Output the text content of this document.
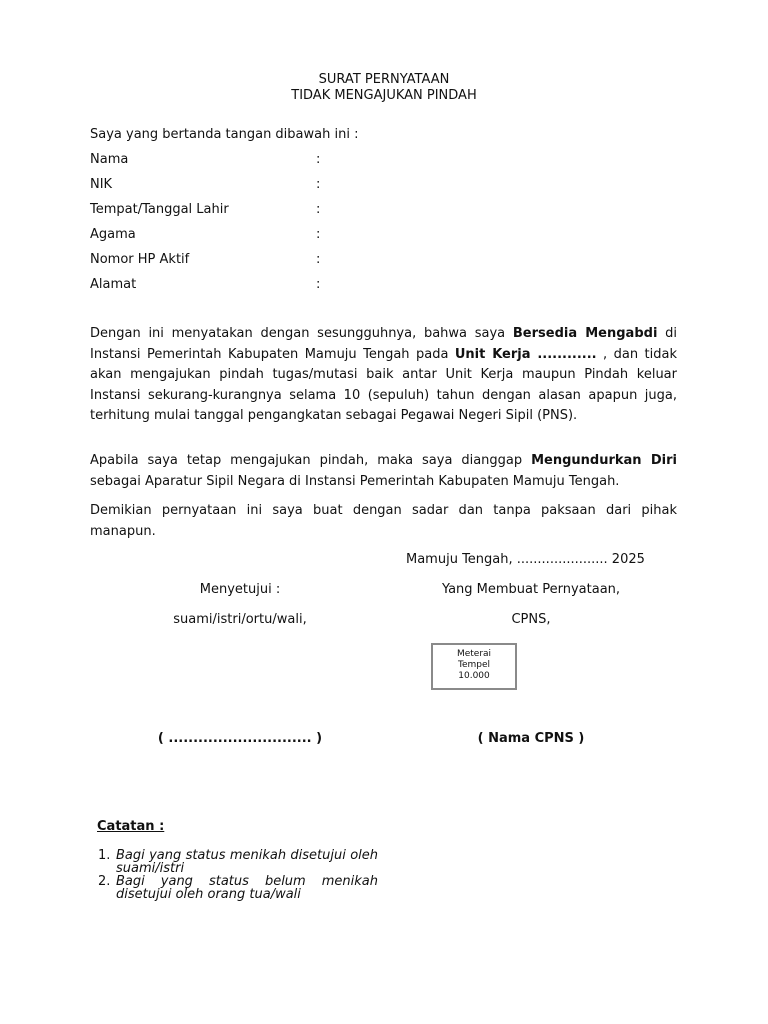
SURAT PERNYATAAN
TIDAK MENGAJUKAN PINDAH
Saya yang bertanda tangan dibawah ini :
Nama	:
NIK	:
Tempat/Tanggal Lahir	:
Agama	:
Nomor HP Aktif	:
Alamat	:
Dengan ini menyatakan dengan sesungguhnya, bahwa saya Bersedia Mengabdi di Instansi Pemerintah Kabupaten Mamuju Tengah pada Unit Kerja ............ , dan tidak akan mengajukan pindah tugas/mutasi baik antar Unit Kerja maupun Pindah keluar Instansi sekurang-kurangnya selama 10 (sepuluh) tahun dengan alasan apapun juga, terhitung mulai tanggal pengangkatan sebagai Pegawai Negeri Sipil (PNS).
Apabila saya tetap mengajukan pindah, maka saya dianggap Mengundurkan Diri sebagai Aparatur Sipil Negara di Instansi Pemerintah Kabupaten Mamuju Tengah.
Demikian pernyataan ini saya buat dengan sadar dan tanpa paksaan dari pihak manapun.
Mamuju Tengah, ...................... 2025
Menyetujui :
suami/istri/ortu/wali,
Yang Membuat Pernyataan,
CPNS,
Meterai
Tempel
10.000
( ............................. )	( Nama CPNS )
Catatan :
1. Bagi yang status menikah disetujui oleh suami/istri
2. Bagi yang status belum menikah disetujui oleh orang tua/wali
